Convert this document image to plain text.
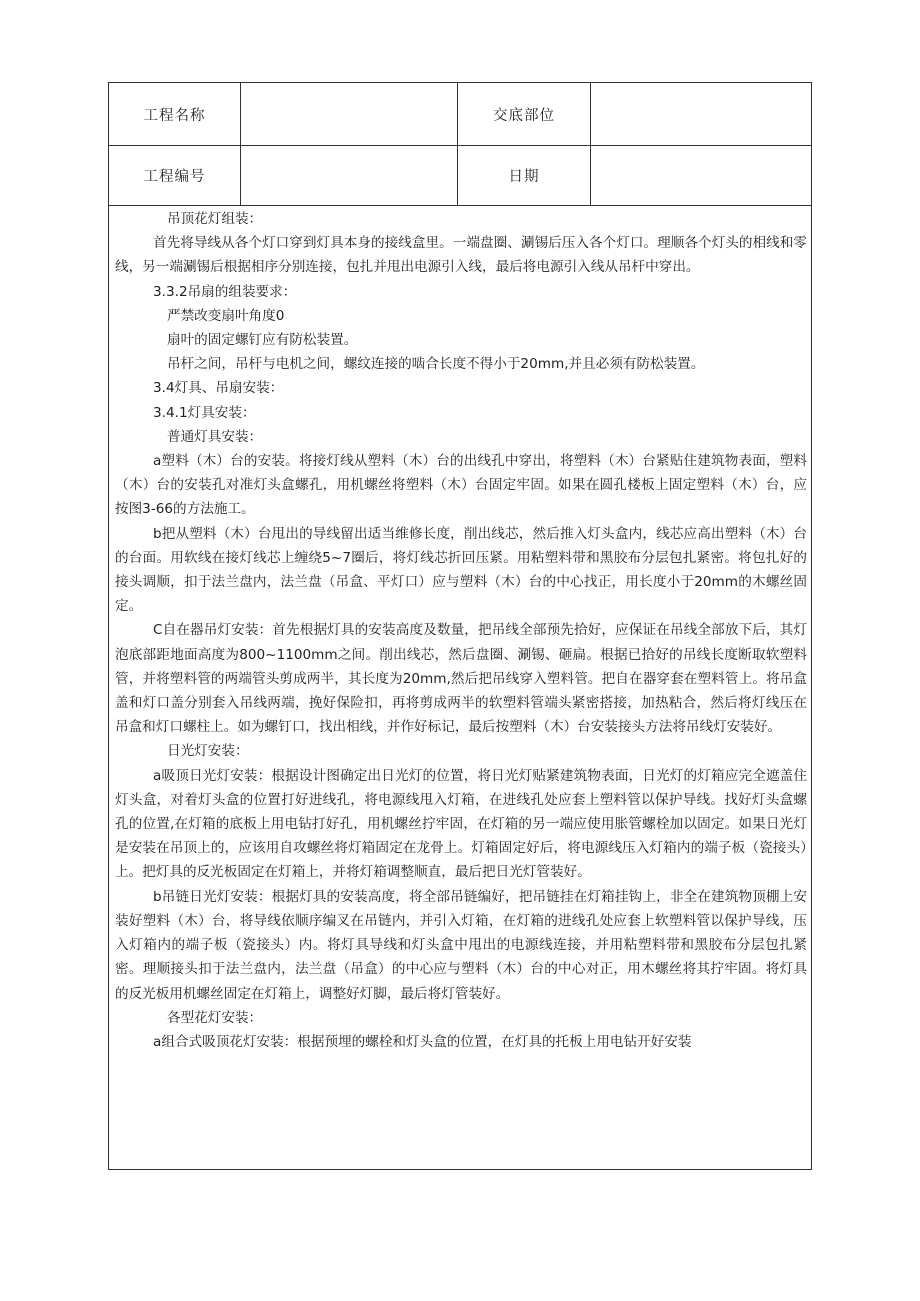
工程名称	交底部位
工程编号	日期

吊顶花灯组装：

首先将导线从各个灯口穿到灯具本身的接线盒里。一端盘圈、涮锡后压入各个灯口。理顺各个灯头的相线和零线，另一端涮锡后根据相序分别连接，包扎并甩出电源引入线，最后将电源引入线从吊杆中穿出。

3.3.2吊扇的组装要求：

严禁改变扇叶角度0

扇叶的固定螺钉应有防松装置。

吊杆之间，吊杆与电机之间，螺纹连接的啮合长度不得小于20mm,并且必须有防松装置。

3.4灯具、吊扇安装：

3.4.1灯具安装：

普通灯具安装：

a塑料（木）台的安装。将接灯线从塑料（木）台的出线孔中穿出，将塑料（木）台紧贴住建筑物表面，塑料（木）台的安装孔对准灯头盒螺孔，用机螺丝将塑料（木）台固定牢固。如果在圆孔楼板上固定塑料（木）台，应按图3-66的方法施工。

b把从塑料（木）台甩出的导线留出适当维修长度，削出线芯，然后推入灯头盒内，线芯应高出塑料（木）台的台面。用软线在接灯线芯上缠绕5~7圈后，将灯线芯折回压紧。用粘塑料带和黑胶布分层包扎紧密。将包扎好的接头调顺，扣于法兰盘内，法兰盘（吊盒、平灯口）应与塑料（木）台的中心找正，用长度小于20mm的木螺丝固定。

C自在器吊灯安装：首先根据灯具的安装高度及数量，把吊线全部预先拾好，应保证在吊线全部放下后，其灯泡底部距地面高度为800~1100mm之间。削出线芯，然后盘圈、涮锡、砸扁。根据已拾好的吊线长度断取软塑料管，并将塑料管的两端管头剪成两半，其长度为20mm,然后把吊线穿入塑料管。把自在器穿套在塑料管上。将吊盒盖和灯口盖分别套入吊线两端，挽好保险扣，再将剪成两半的软塑料管端头紧密搭接，加热粘合，然后将灯线压在吊盒和灯口螺柱上。如为螺钉口，找出相线，并作好标记，最后按塑料（木）台安装接头方法将吊线灯安装好。

日光灯安装：

a吸顶日光灯安装：根据设计图确定出日光灯的位置，将日光灯贴紧建筑物表面，日光灯的灯箱应完全遮盖住灯头盒，对着灯头盒的位置打好进线孔，将电源线甩入灯箱，在进线孔处应套上塑料管以保护导线。找好灯头盒螺孔的位置,在灯箱的底板上用电钻打好孔，用机螺丝拧牢固，在灯箱的另一端应使用胀管螺栓加以固定。如果日光灯是安装在吊顶上的，应该用自攻螺丝将灯箱固定在龙骨上。灯箱固定好后，将电源线压入灯箱内的端子板（瓷接头）上。把灯具的反光板固定在灯箱上，并将灯箱调整顺直，最后把日光灯管装好。

b吊链日光灯安装：根据灯具的安装高度，将全部吊链编好，把吊链挂在灯箱挂钩上，非全在建筑物顶棚上安装好塑料（木）台，将导线依顺序编叉在吊链内，并引入灯箱，在灯箱的进线孔处应套上软塑料管以保护导线，压入灯箱内的端子板（瓷接头）内。将灯具导线和灯头盒中甩出的电源线连接，并用粘塑料带和黑胶布分层包扎紧密。理顺接头扣于法兰盘内，法兰盘（吊盒）的中心应与塑料（木）台的中心对正，用木螺丝将其拧牢固。将灯具的反光板用机螺丝固定在灯箱上，调整好灯脚，最后将灯管装好。

各型花灯安装：

a组合式吸顶花灯安装：根据预埋的螺栓和灯头盒的位置，在灯具的托板上用电钻开好安装
